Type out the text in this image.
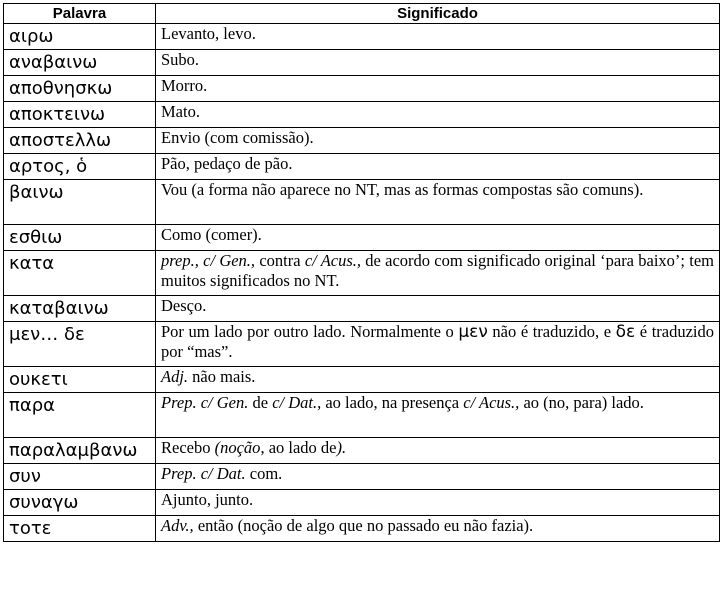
Palavra	Significado
αιρω	Levanto, levo.
αναβαινω	Subo.
αποθνησκω	Morro.
αποκτεινω	Mato.
αποστελλω	Envio (com comissão).
αρτος, ὁ	Pão, pedaço de pão.
βαινω	Vou (a forma não aparece no NT, mas as formas compostas são comuns).
εσθιω	Como (comer).
κατα	prep., c/ Gen., contra c/ Acus., de acordo com significado original ‘para baixo’; tem muitos significados no NT.
καταβαινω	Desço.
μεν… δε	Por um lado por outro lado. Normalmente o μεν não é traduzido, e δε é traduzido por “mas”.
ουκετι	Adj. não mais.
παρα	Prep. c/ Gen. de c/ Dat., ao lado, na presença c/ Acus., ao (no, para) lado.
παραλαμβανω	Recebo (noção, ao lado de).
συν	Prep. c/ Dat. com.
συναγω	Ajunto, junto.
τοτε	Adv., então (noção de algo que no passado eu não fazia).
